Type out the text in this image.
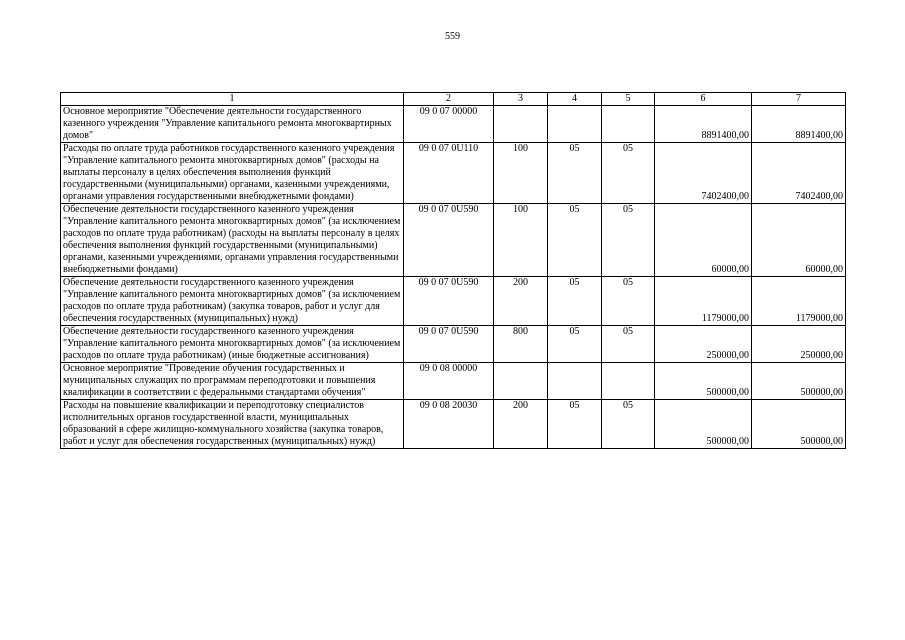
559
1	2	3	4	5	6	7
Основное мероприятие "Обеспечение деятельности государственного казенного учреждения "Управление капитального ремонта многоквартирных домов"	09 0 07 00000				8891400,00	8891400,00
Расходы по оплате труда работников государственного казенного учреждения "Управление капитального ремонта многоквартирных домов" (расходы на выплаты персоналу в целях обеспечения выполнения функций государственными (муниципальными) органами, казенными учреждениями, органами управления государственными внебюджетными фондами)	09 0 07 0U110	100	05	05	7402400,00	7402400,00
Обеспечение деятельности государственного казенного учреждения "Управление капитального ремонта многоквартирных домов" (за исключением расходов по оплате труда работникам) (расходы на выплаты персоналу в целях обеспечения выполнения функций государственными (муниципальными) органами, казенными учреждениями, органами управления государственными внебюджетными фондами)	09 0 07 0U590	100	05	05	60000,00	60000,00
Обеспечение деятельности государственного казенного учреждения "Управление капитального ремонта многоквартирных домов" (за исключением расходов по оплате труда работникам) (закупка товаров, работ и услуг для обеспечения государственных (муниципальных) нужд)	09 0 07 0U590	200	05	05	1179000,00	1179000,00
Обеспечение деятельности государственного казенного учреждения "Управление капитального ремонта многоквартирных домов" (за исключением расходов по оплате труда работникам) (иные бюджетные ассигнования)	09 0 07 0U590	800	05	05	250000,00	250000,00
Основное мероприятие "Проведение обучения государственных и муниципальных служащих по программам переподготовки и повышения квалификации в соответствии с федеральными стандартами обучения"	09 0 08 00000				500000,00	500000,00
Расходы на повышение квалификации и переподготовку специалистов исполнительных органов государственной власти, муниципальных образований в сфере жилищно-коммунального хозяйства (закупка товаров, работ и услуг для обеспечения государственных (муниципальных) нужд)	09 0 08 20030	200	05	05	500000,00	500000,00
